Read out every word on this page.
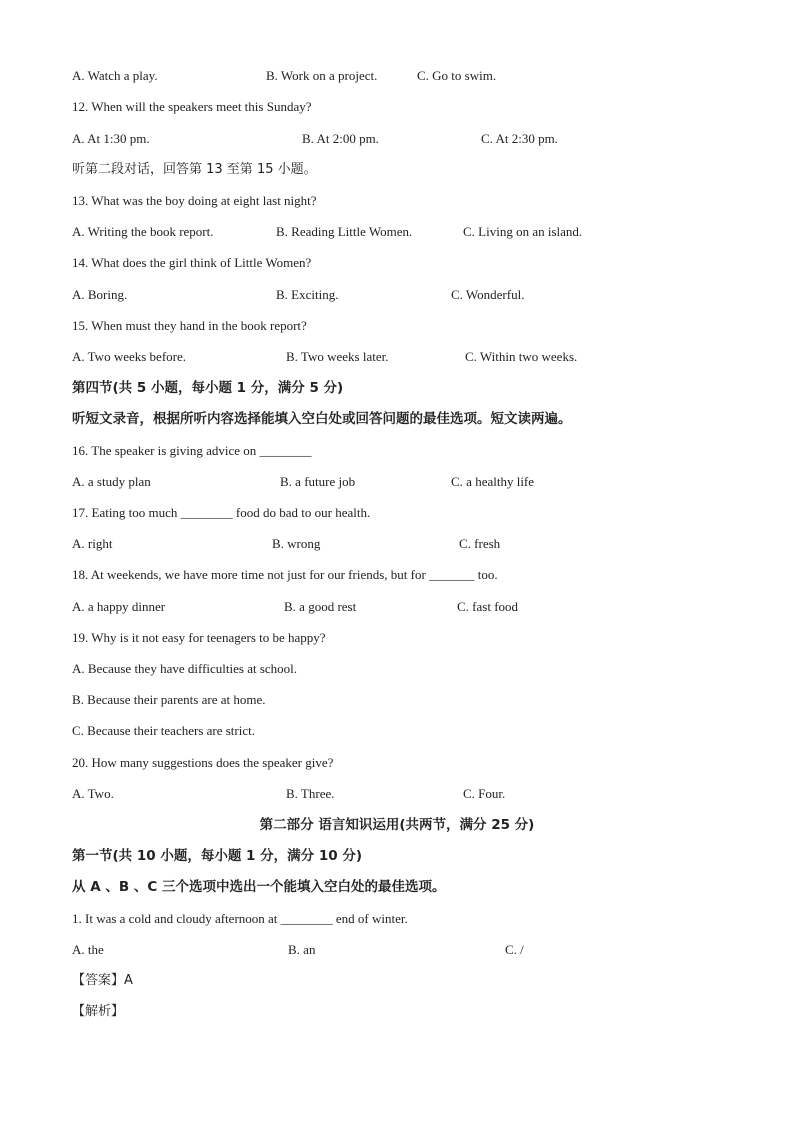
A. Watch a play.	B. Work on a project.	C. Go to swim.
12. When will the speakers meet this Sunday?
A. At 1:30 pm.	B. At 2:00 pm.	C. At 2:30 pm.
听第二段对话，回答第 13 至第 15 小题。
13. What was the boy doing at eight last night?
A. Writing the book report.	B. Reading Little Women.	C. Living on an island.
14. What does the girl think of Little Women?
A. Boring.	B. Exciting.	C. Wonderful.
15. When must they hand in the book report?
A. Two weeks before.	B. Two weeks later.	C. Within two weeks.
第四节(共 5 小题，每小题 1 分，满分 5 分)
听短文录音，根据所听内容选择能填入空白处或回答问题的最佳选项。短文读两遍。
16. The speaker is giving advice on ________
A. a study plan	B. a future job	C. a healthy life
17. Eating too much ________ food do bad to our health.
A. right	B. wrong	C. fresh
18. At weekends, we have more time not just for our friends, but for _______ too.
A. a happy dinner	B. a good rest	C. fast food
19. Why is it not easy for teenagers to be happy?
A. Because they have difficulties at school.
B. Because their parents are at home.
C. Because their teachers are strict.
20. How many suggestions does the speaker give?
A. Two.	B. Three.	C. Four.
第二部分 语言知识运用(共两节，满分 25 分)
第一节(共 10 小题，每小题 1 分，满分 10 分)
从 A 、B 、C 三个选项中选出一个能填入空白处的最佳选项。
1. It was a cold and cloudy afternoon at ________ end of winter.
A. the	B. an	C. /
【答案】A
【解析】
